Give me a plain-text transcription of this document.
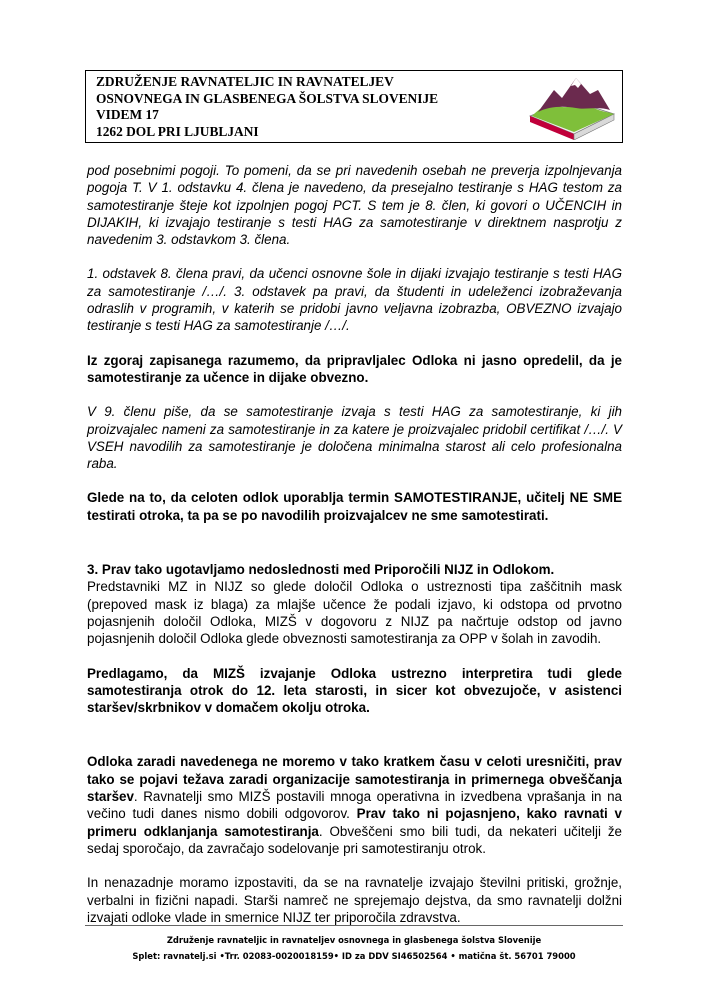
ZDRUŽENJE RAVNATELJIC IN RAVNATELJEV
OSNOVNEGA IN GLASBENEGA ŠOLSTVA SLOVENIJE
VIDEM 17
1262 DOL PRI LJUBLJANI

pod posebnimi pogoji. To pomeni, da se pri navedenih osebah ne preverja izpolnjevanja pogoja T. V 1. odstavku 4. člena je navedeno, da presejalno testiranje s HAG testom za samotestiranje šteje kot izpolnjen pogoj PCT. S tem je 8. člen, ki govori o UČENCIH in DIJAKIH, ki izvajajo testiranje s testi HAG za samotestiranje v direktnem nasprotju z navedenim 3. odstavkom 3. člena.

1. odstavek 8. člena pravi, da učenci osnovne šole in dijaki izvajajo testiranje s testi HAG za samotestiranje /…/. 3. odstavek pa pravi, da študenti in udeleženci izobraževanja odraslih v programih, v katerih se pridobi javno veljavna izobrazba, OBVEZNO izvajajo testiranje s testi HAG za samotestiranje /…/.

Iz zgoraj zapisanega razumemo, da pripravljalec Odloka ni jasno opredelil, da je samotestiranje za učence in dijake obvezno.

V 9. členu piše, da se samotestiranje izvaja s testi HAG za samotestiranje, ki jih proizvajalec nameni za samotestiranje in za katere je proizvajalec pridobil certifikat /…/. V VSEH navodilih za samotestiranje je določena minimalna starost ali celo profesionalna raba.

Glede na to, da celoten odlok uporablja termin SAMOTESTIRANJE, učitelj NE SME testirati otroka, ta pa se po navodilih proizvajalcev ne sme samotestirati.

3. Prav tako ugotavljamo nedoslednosti med Priporočili NIJZ in Odlokom.

Predstavniki MZ in NIJZ so glede določil Odloka o ustreznosti tipa zaščitnih mask (prepoved mask iz blaga) za mlajše učence že podali izjavo, ki odstopa od prvotno pojasnjenih določil Odloka, MIZŠ v dogovoru z NIJZ pa načrtuje odstop od javno pojasnjenih določil Odloka glede obveznosti samotestiranja za OPP v šolah in zavodih.

Predlagamo, da MIZŠ izvajanje Odloka ustrezno interpretira tudi glede samotestiranja otrok do 12. leta starosti, in sicer kot obvezujoče, v asistenci staršev/skrbnikov v domačem okolju otroka.

Odloka zaradi navedenega ne moremo v tako kratkem času v celoti uresničiti, prav tako se pojavi težava zaradi organizacije samotestiranja in primernega obveščanja staršev. Ravnatelji smo MIZŠ postavili mnoga operativna in izvedbena vprašanja in na večino tudi danes nismo dobili odgovorov. Prav tako ni pojasnjeno, kako ravnati v primeru odklanjanja samotestiranja. Obveščeni smo bili tudi, da nekateri učitelji že sedaj sporočajo, da zavračajo sodelovanje pri samotestiranju otrok.

In nenazadnje moramo izpostaviti, da se na ravnatelje izvajajo številni pritiski, grožnje, verbalni in fizični napadi. Starši namreč ne sprejemajo dejstva, da smo ravnatelji dolžni izvajati odloke vlade in smernice NIJZ ter priporočila zdravstva.

Združenje ravnateljic in ravnateljev osnovnega in glasbenega šolstva Slovenije
Splet: ravnatelj.si •Trr. 02083-0020018159• ID za DDV SI46502564 • matična št. 56701 79000
